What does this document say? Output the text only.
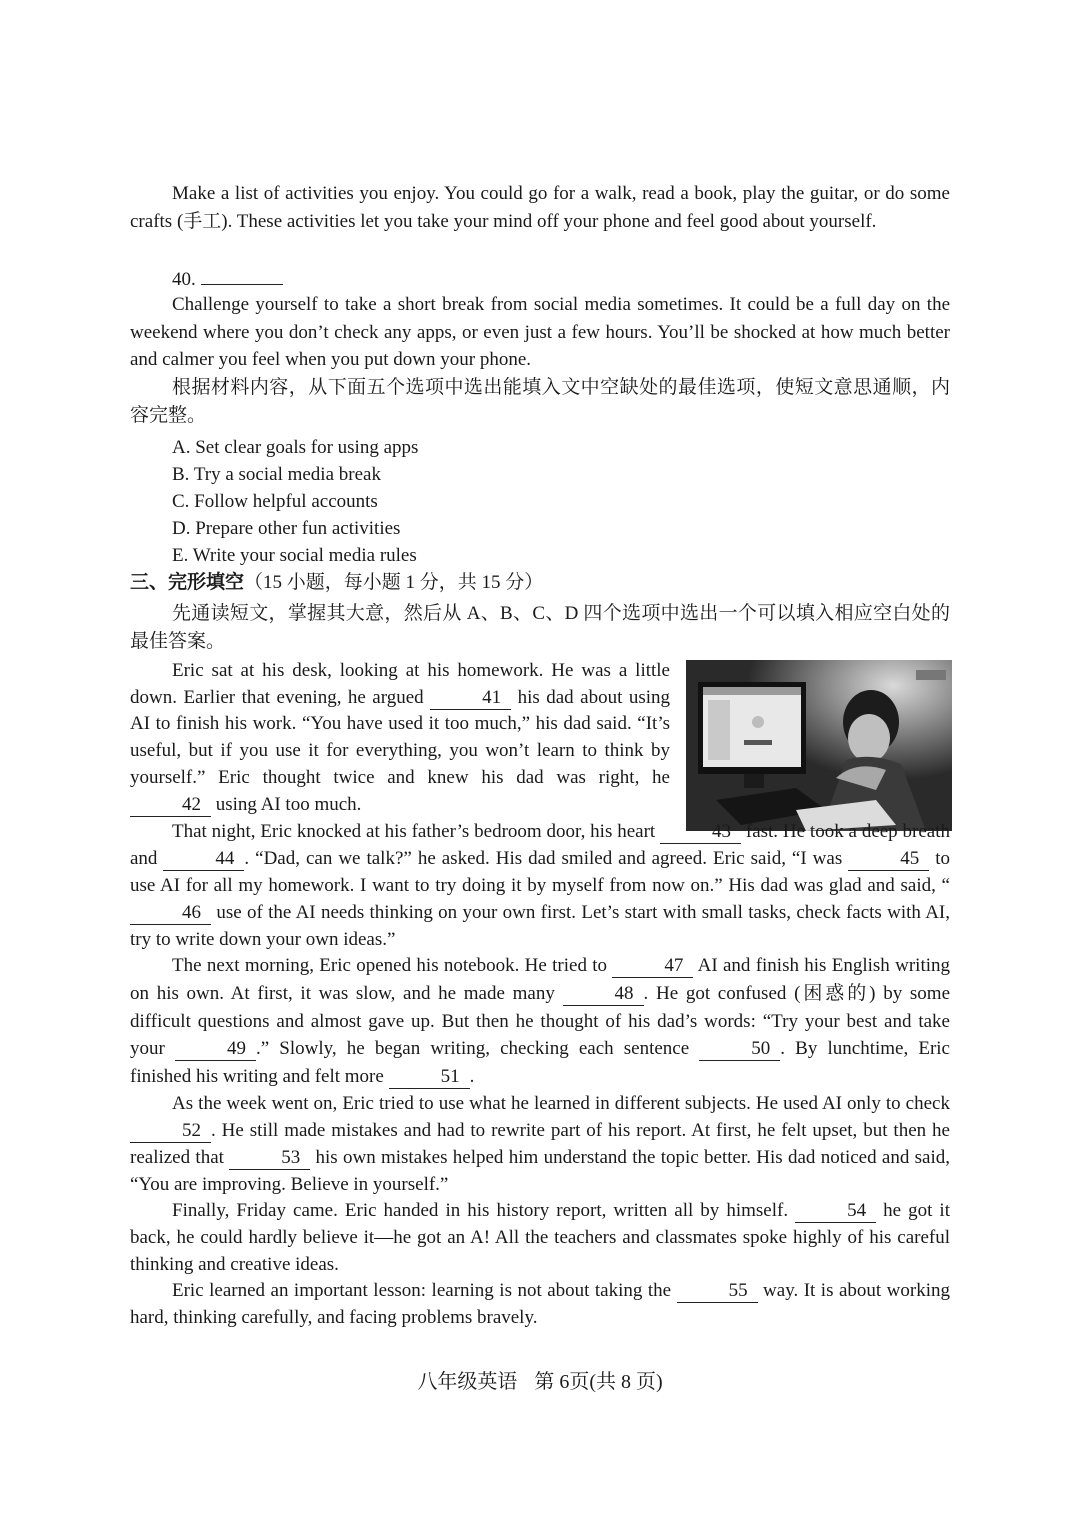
Make a list of activities you enjoy. You could go for a walk, read a book, play the guitar, or do some crafts (手工). These activities let you take your mind off your phone and feel good about yourself.

40.

Challenge yourself to take a short break from social media sometimes. It could be a full day on the weekend where you don’t check any apps, or even just a few hours. You’ll be shocked at how much better and calmer you feel when you put down your phone.

根据材料内容，从下面五个选项中选出能填入文中空缺处的最佳选项，使短文意思通顺，内容完整。

A. Set clear goals for using apps
B. Try a social media break
C. Follow helpful accounts
D. Prepare other fun activities
E. Write your social media rules
三、完形填空（15 小题，每小题 1 分，共 15 分）

先通读短文，掌握其大意，然后从 A、B、C、D 四个选项中选出一个可以填入相应空白处的最佳答案。

Eric sat at his desk, looking at his homework. He was a little down. Earlier that evening, he argued	41 his dad about using AI to finish his work. “You have used it too much,” his dad said. “It’s useful, but if you use it for everything, you won’t learn to think by yourself.” Eric thought twice and knew his dad was right, he42 using AI too much.

That night, Eric knocked at his father’s bedroom door, his heart	43 fast. He took a deep breath and	44 . “Dad, can we talk?” he asked. His dad smiled and agreed. Eric said, “I was	45 to use AI for all my homework. I want to try doing it by myself from now on.” His dad was glad and said, “46 use of the AI needs thinking on your own first. Let’s start with small tasks, check facts with AI, try to write down your own ideas.”

The next morning, Eric opened his notebook. He tried to	47 AI and finish his English writing on his own. At first, it was slow, and he made many	48 . He got confused (困惑的) by some difficult questions and almost gave up. But then he thought of his dad’s words: “Try your best and take your	49 .” Slowly, he began writing, checking each sentence	50 . By lunchtime, Eric finished his writing and felt more	51 .

As the week went on, Eric tried to use what he learned in different subjects. He used AI only to check 52 . He still made mistakes and had to rewrite part of his report. At first, he felt upset, but then he realized that	53 his own mistakes helped him understand the topic better. His dad noticed and said, “You are improving. Believe in yourself.”

Finally, Friday came. Eric handed in his history report, written all by himself.	54 he got it back, he could hardly believe it—he got an A! All the teachers and classmates spoke highly of his careful thinking and creative ideas.

Eric learned an important lesson: learning is not about taking the	55 way. It is about working hard, thinking carefully, and facing problems bravely.

八年级英语 第 6页(共 8 页)
